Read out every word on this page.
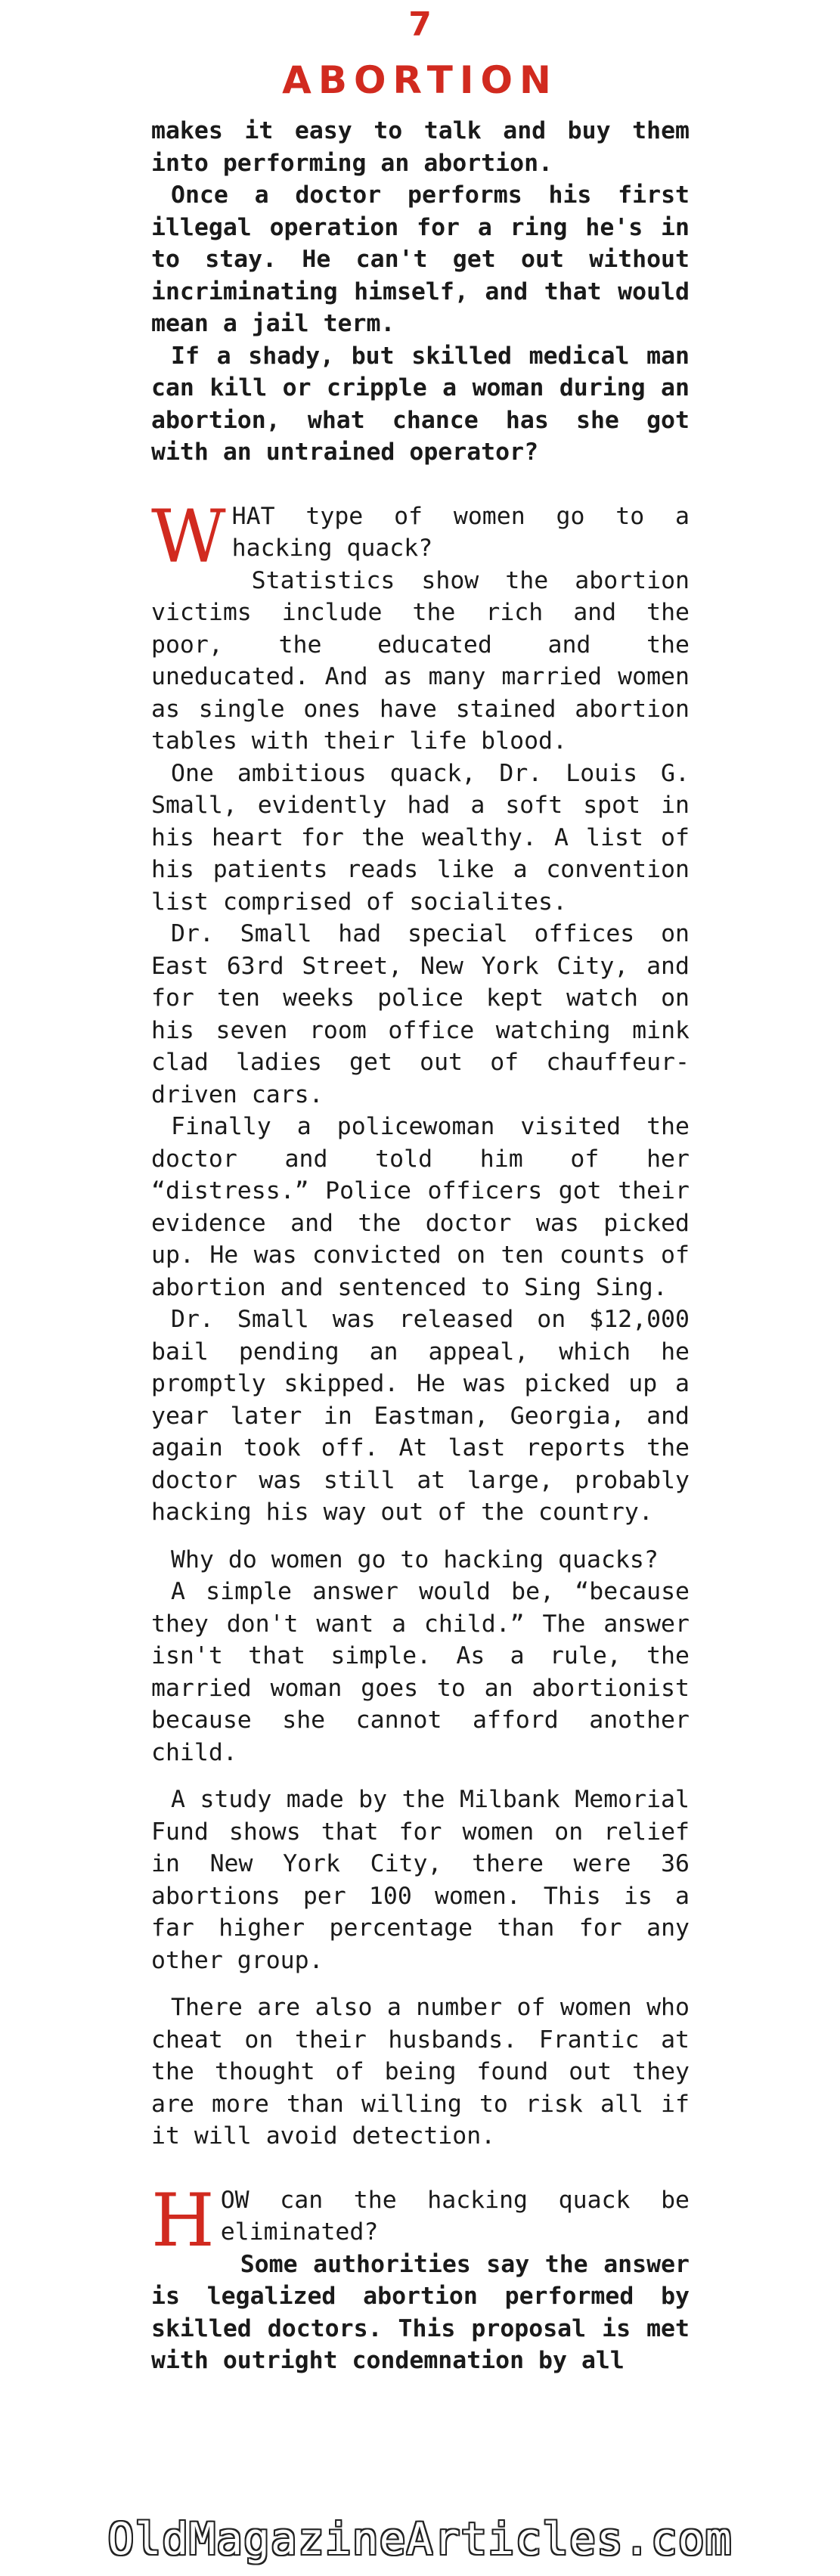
7
ABORTION

makes it easy to talk and buy them into performing an abortion.

Once a doctor performs his first illegal operation for a ring he's in to stay. He can't get out without incriminating himself, and that would mean a jail term.

If a shady, but skilled medical man can kill or cripple a woman during an abortion, what chance has she got with an untrained operator?

W HAT type of women go to a hacking quack?

Statistics show the abortion victims include the rich and the poor, the educated and the uneducated. And as many married women as single ones have stained abortion tables with their life blood.

One ambitious quack, Dr. Louis G. Small, evidently had a soft spot in his heart for the wealthy. A list of his patients reads like a convention list comprised of socialites.

Dr. Small had special offices on East 63rd Street, New York City, and for ten weeks police kept watch on his seven room office watching mink clad ladies get out of chauffeur-driven cars.

Finally a policewoman visited the doctor and told him of her “distress.” Police officers got their evidence and the doctor was picked up. He was convicted on ten counts of abortion and sentenced to Sing Sing.

Dr. Small was released on $12,000 bail pending an appeal, which he promptly skipped. He was picked up a year later in Eastman, Georgia, and again took off. At last reports the doctor was still at large, probably hacking his way out of the country.

Why do women go to hacking quacks?

A simple answer would be, “because they don't want a child.” The answer isn't that simple. As a rule, the married woman goes to an abortionist because she cannot afford another child.

A study made by the Milbank Memorial Fund shows that for women on relief in New York City, there were 36 abortions per 100 women. This is a far higher percentage than for any other group.

There are also a number of women who cheat on their husbands. Frantic at the thought of being found out they are more than willing to risk all if it will avoid detection.

H OW can the hacking quack be eliminated?

Some authorities say the answer is legalized abortion performed by skilled doctors. This proposal is met with outright condemnation by all

OldMagazineArticles.com
